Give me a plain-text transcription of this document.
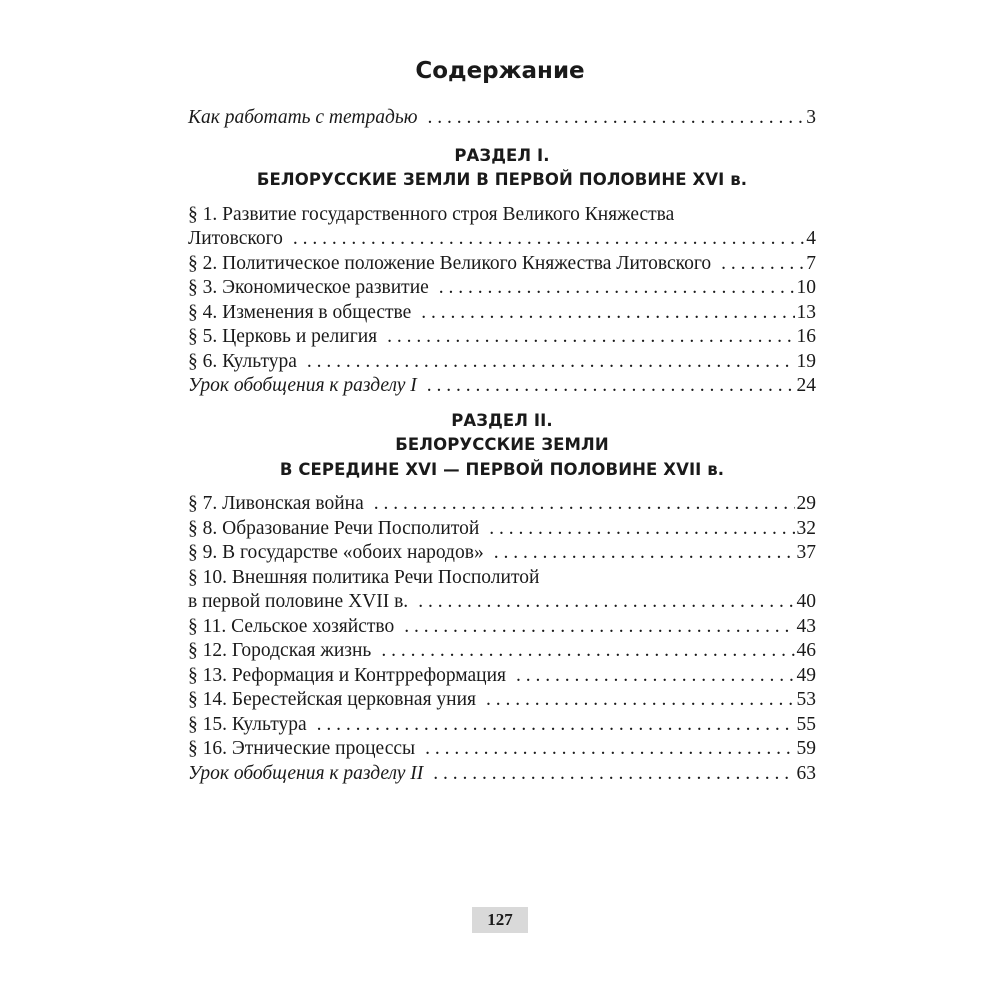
Содержание
Как работать с тетрадью . . .	3
РАЗДЕЛ I.
БЕЛОРУССКИЕ ЗЕМЛИ В ПЕРВОЙ ПОЛОВИНЕ XVI в.
§ 1. Развитие государственного строя Великого Княжества
Литовского . . .	4
§ 2. Политическое положение Великого Княжества Литовского . . .	7
§ 3. Экономическое развитие . . .	10
§ 4. Изменения в обществе . . .	13
§ 5. Церковь и религия . . .	16
§ 6. Культура . . .	19
Урок обобщения к разделу I . . .	24
РАЗДЕЛ II.
БЕЛОРУССКИЕ ЗЕМЛИ
В СЕРЕДИНЕ XVI — ПЕРВОЙ ПОЛОВИНЕ XVII в.
§ 7. Ливонская война . . .	29
§ 8. Образование Речи Посполитой . . .	32
§ 9. В государстве «обоих народов» . . .	37
§ 10. Внешняя политика Речи Посполитой
в первой половине XVII в. . . .	40
§ 11. Сельское хозяйство . . .	43
§ 12. Городская жизнь . . .	46
§ 13. Реформация и Контрреформация . . .	49
§ 14. Берестейская церковная уния . . .	53
§ 15. Культура . . .	55
§ 16. Этнические процессы . . .	59
Урок обобщения к разделу II . . .	63
127
